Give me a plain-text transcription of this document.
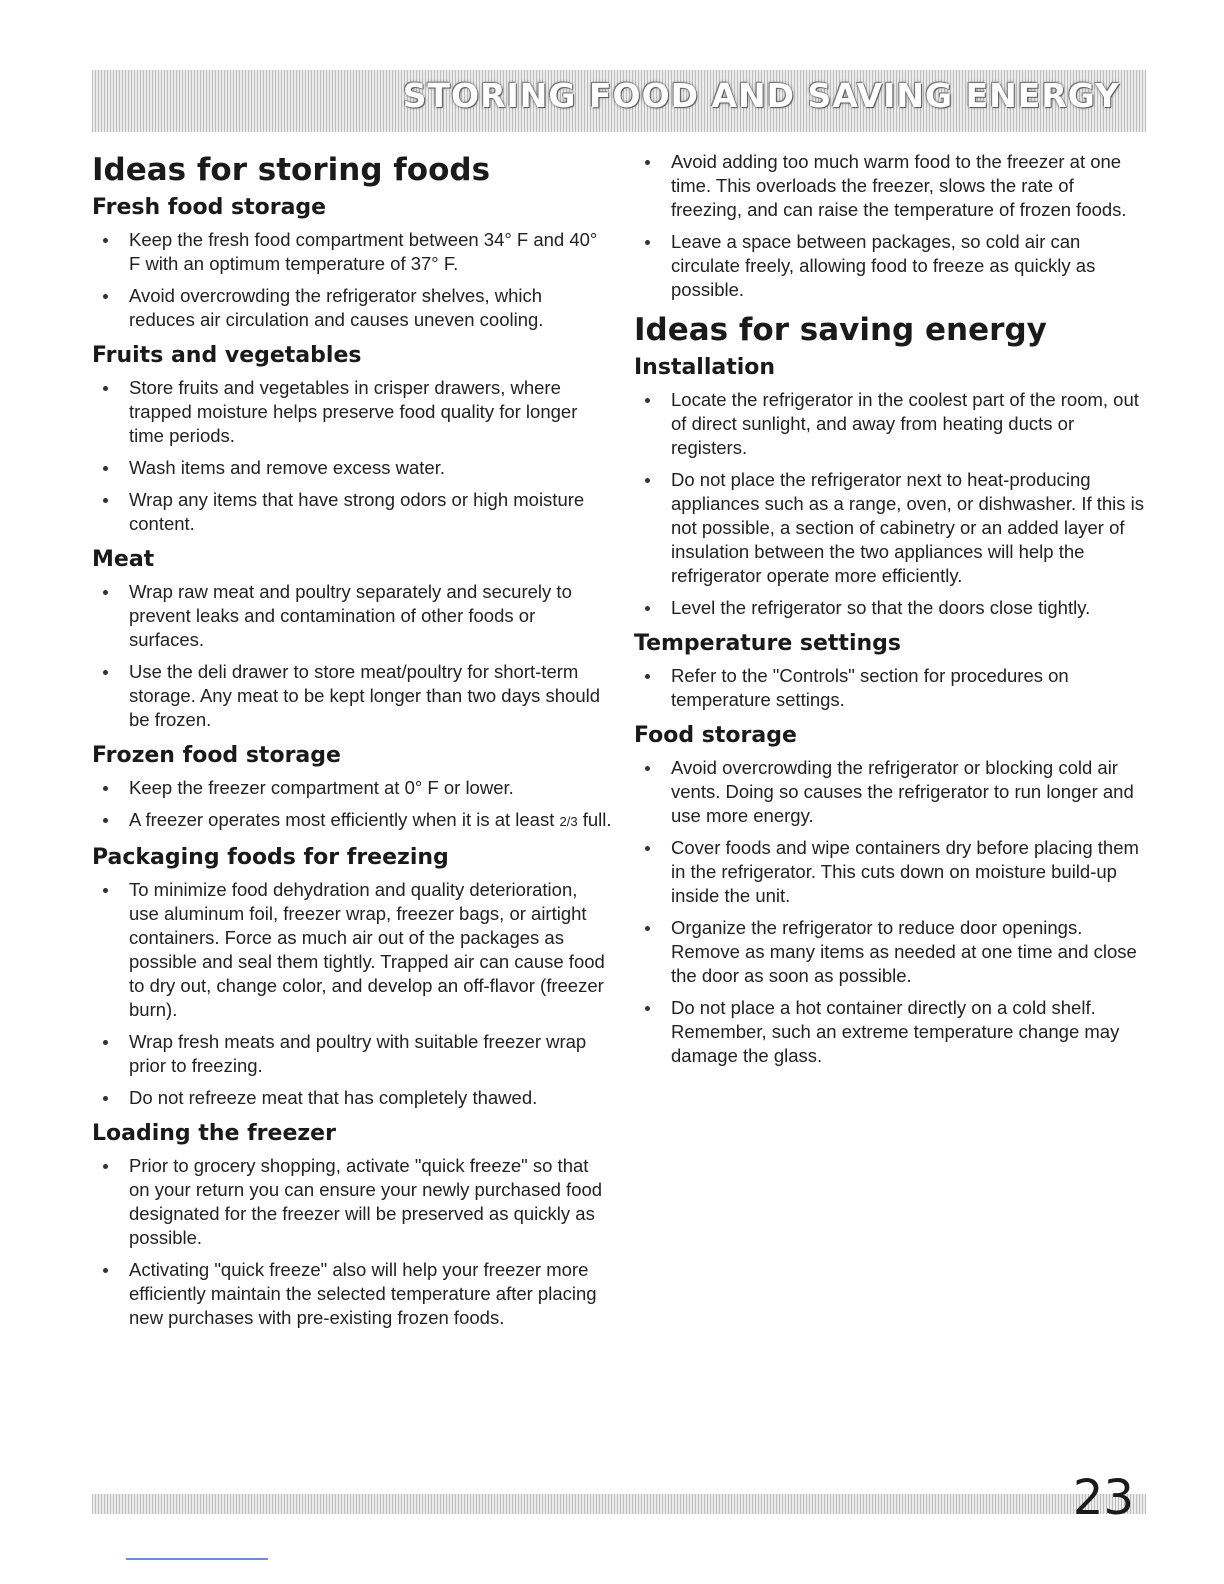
STORING FOOD AND SAVING ENERGY
Ideas for storing foods
Fresh food storage
Keep the fresh food compartment between 34° F and 40° F with an optimum temperature of 37° F.
Avoid overcrowding the refrigerator shelves, which reduces air circulation and causes uneven cooling.
Fruits and vegetables
Store fruits and vegetables in crisper drawers, where trapped moisture helps preserve food quality for longer time periods.
Wash items and remove excess water.
Wrap any items that have strong odors or high moisture content.
Meat
Wrap raw meat and poultry separately and securely to prevent leaks and contamination of other foods or surfaces.
Use the deli drawer to store meat/poultry for short-term storage. Any meat to be kept longer than two days should be frozen.
Frozen food storage
Keep the freezer compartment at 0° F or lower.
A freezer operates most efficiently when it is at least 2/3 full.
Packaging foods for freezing
To minimize food dehydration and quality deterioration, use aluminum foil, freezer wrap, freezer bags, or airtight containers. Force as much air out of the packages as possible and seal them tightly. Trapped air can cause food to dry out, change color, and develop an off-flavor (freezer burn).
Wrap fresh meats and poultry with suitable freezer wrap prior to freezing.
Do not refreeze meat that has completely thawed.
Loading the freezer
Prior to grocery shopping, activate "quick freeze" so that on your return you can ensure your newly purchased food designated for the freezer will be preserved as quickly as possible.
Activating "quick freeze" also will help your freezer more efficiently maintain the selected temperature after placing new purchases with pre-existing frozen foods.
Avoid adding too much warm food to the freezer at one time. This overloads the freezer, slows the rate of freezing, and can raise the temperature of frozen foods.
Leave a space between packages, so cold air can circulate freely, allowing food to freeze as quickly as possible.
Ideas for saving energy
Installation
Locate the refrigerator in the coolest part of the room, out of direct sunlight, and away from heating ducts or registers.
Do not place the refrigerator next to heat-producing appliances such as a range, oven, or dishwasher. If this is not possible, a section of cabinetry or an added layer of insulation between the two appliances will help the refrigerator operate more efficiently.
Level the refrigerator so that the doors close tightly.
Temperature settings
Refer to the "Controls" section for procedures on temperature settings.
Food storage
Avoid overcrowding the refrigerator or blocking cold air vents. Doing so causes the refrigerator to run longer and use more energy.
Cover foods and wipe containers dry before placing them in the refrigerator. This cuts down on moisture build-up inside the unit.
Organize the refrigerator to reduce door openings. Remove as many items as needed at one time and close the door as soon as possible.
Do not place a hot container directly on a cold shelf. Remember, such an extreme temperature change may damage the glass.
23
